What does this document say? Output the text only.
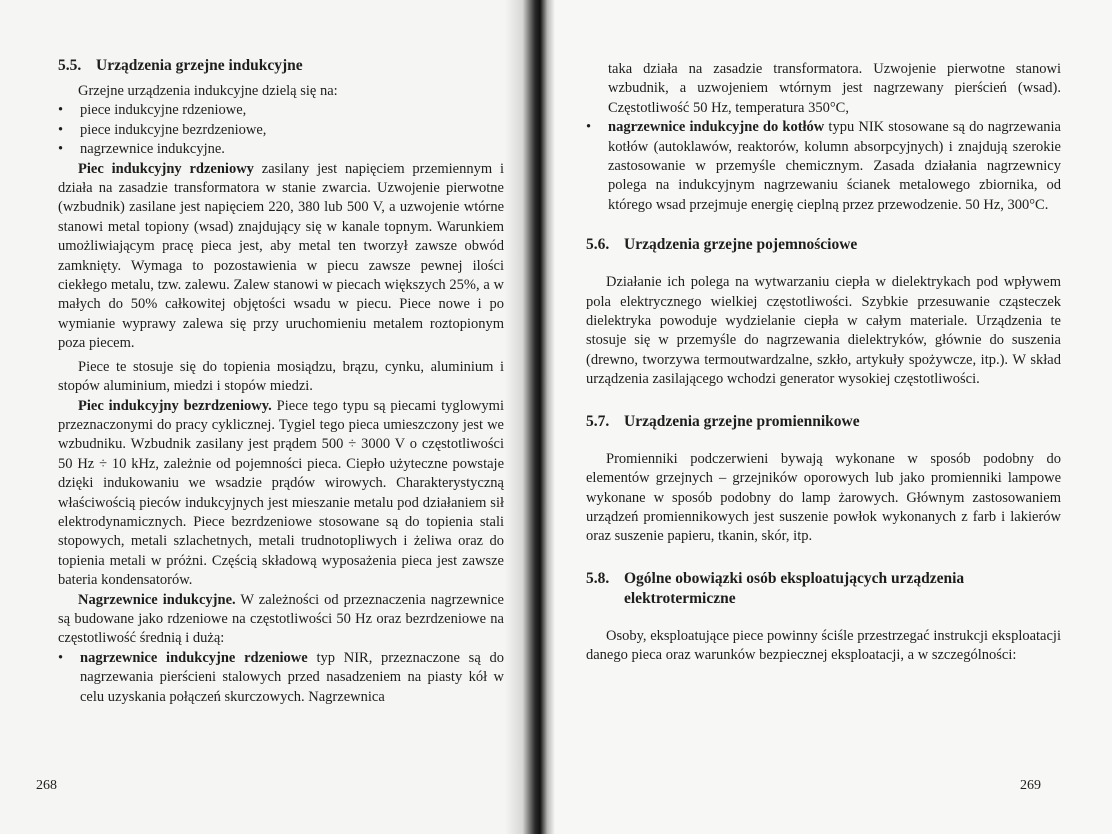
5.5. Urządzenia grzejne indukcyjne

Grzejne urządzenia indukcyjne dzielą się na:

• piece indukcyjne rdzeniowe,
• piece indukcyjne bezrdzeniowe,
• nagrzewnice indukcyjne.

Piec indukcyjny rdzeniowy zasilany jest napięciem przemiennym i działa na zasadzie transformatora w stanie zwarcia. Uzwojenie pierwotne (wzbudnik) zasilane jest napięciem 220, 380 lub 500 V, a uzwojenie wtórne stanowi metal topiony (wsad) znajdujący się w kanale topnym. Warunkiem umożliwiającym pracę pieca jest, aby metal ten tworzył zawsze obwód zamknięty. Wymaga to pozostawienia w piecu zawsze pewnej ilości ciekłego metalu, tzw. zalewu. Zalew stanowi w piecach większych 25%, a w małych do 50% całkowitej objętości wsadu w piecu. Piece nowe i po wymianie wyprawy zalewa się przy uruchomieniu metalem roztopionym poza piecem.

Piece te stosuje się do topienia mosiądzu, brązu, cynku, aluminium i stopów aluminium, miedzi i stopów miedzi.

Piec indukcyjny bezrdzeniowy. Piece tego typu są piecami tyglowymi przeznaczonymi do pracy cyklicznej. Tygiel tego pieca umieszczony jest we wzbudniku. Wzbudnik zasilany jest prądem 500 ÷ 3000 V o częstotliwości 50 Hz ÷ 10 kHz, zależnie od pojemności pieca. Ciepło użyteczne powstaje dzięki indukowaniu we wsadzie prądów wirowych. Charakterystyczną właściwością pieców indukcyjnych jest mieszanie metalu pod działaniem sił elektrodynamicznych. Piece bezrdzeniowe stosowane są do topienia stali stopowych, metali szlachetnych, metali trudnotopliwych i żeliwa oraz do topienia metali w próżni. Częścią składową wyposażenia pieca jest zawsze bateria kondensatorów.

Nagrzewnice indukcyjne. W zależności od przeznaczenia nagrzewnice są budowane jako rdzeniowe na częstotliwości 50 Hz oraz bezrdzeniowe na częstotliwość średnią i dużą:

• nagrzewnice indukcyjne rdzeniowe typ NIR, przeznaczone są do nagrzewania pierścieni stalowych przed nasadzeniem na piasty kół w celu uzyskania połączeń skurczowych. Nagrzewnica
268

taka działa na zasadzie transformatora. Uzwojenie pierwotne stanowi wzbudnik, a uzwojeniem wtórnym jest nagrzewany pierścień (wsad). Częstotliwość 50 Hz, temperatura 350°C,

• nagrzewnice indukcyjne do kotłów typu NIK stosowane są do nagrzewania kotłów (autoklawów, reaktorów, kolumn absorpcyjnych) i znajdują szerokie zastosowanie w przemyśle chemicznym. Zasada działania nagrzewnicy polega na indukcyjnym nagrzewaniu ścianek metalowego zbiornika, od którego wsad przejmuje energię cieplną przez przewodzenie. 50 Hz, 300°C.
5.6. Urządzenia grzejne pojemnościowe

Działanie ich polega na wytwarzaniu ciepła w dielektrykach pod wpływem pola elektrycznego wielkiej częstotliwości. Szybkie przesuwanie cząsteczek dielektryka powoduje wydzielanie ciepła w całym materiale. Urządzenia te stosuje się w przemyśle do nagrzewania dielektryków, głównie do suszenia (drewno, tworzywa termoutwardzalne, szkło, artykuły spożywcze, itp.). W skład urządzenia zasilającego wchodzi generator wysokiej częstotliwości.

5.7. Urządzenia grzejne promiennikowe

Promienniki podczerwieni bywają wykonane w sposób podobny do elementów grzejnych – grzejników oporowych lub jako promienniki lampowe wykonane w sposób podobny do lamp żarowych. Głównym zastosowaniem urządzeń promiennikowych jest suszenie powłok wykonanych z farb i lakierów oraz suszenie papieru, tkanin, skór, itp.

5.8. Ogólne obowiązki osób eksploatujących urządzenia elektrotermiczne

Osoby, eksploatujące piece powinny ściśle przestrzegać instrukcji eksploatacji danego pieca oraz warunków bezpiecznej eksploatacji, a w szczególności:

269
